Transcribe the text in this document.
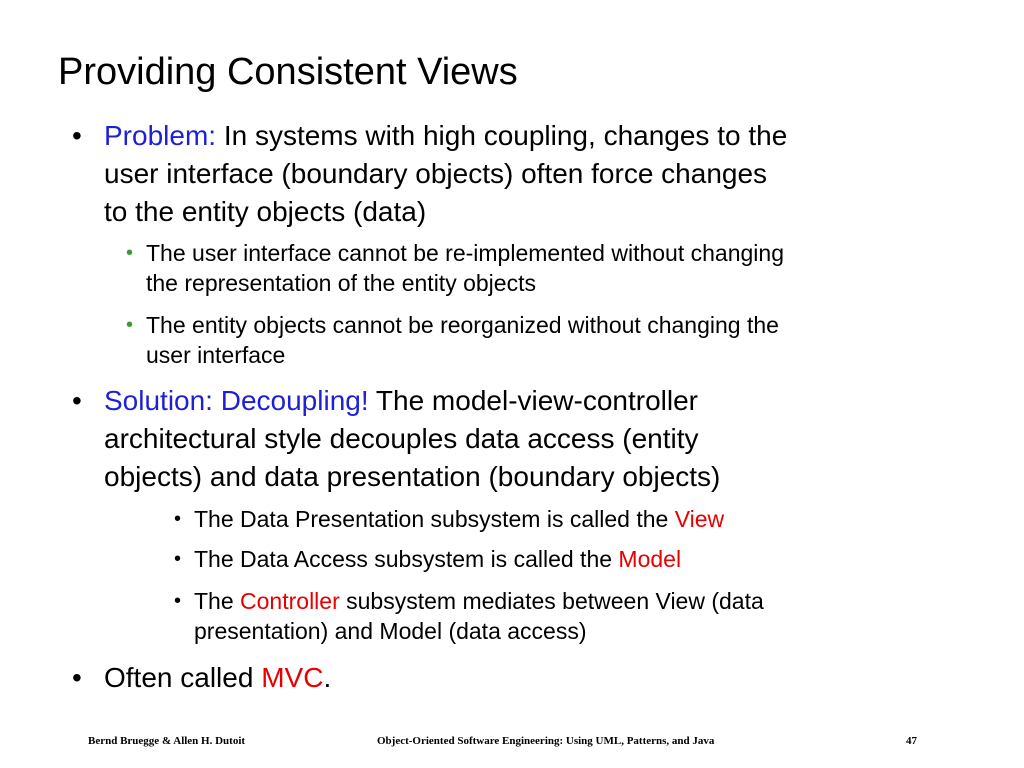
Providing Consistent Views
• Problem: In systems with high coupling, changes to the
user interface (boundary objects) often force changes
to the entity objects (data)
• The user interface cannot be re-implemented without changing
the representation of the entity objects
• The entity objects cannot be reorganized without changing the
user interface
• Solution: Decoupling! The model-view-controller
architectural style decouples data access (entity
objects) and data presentation (boundary objects)
• The Data Presentation subsystem is called the View
• The Data Access subsystem is called the Model
• The Controller subsystem mediates between View (data
presentation) and Model (data access)
• Often called MVC.
Bernd Bruegge & Allen H. Dutoit	Object-Oriented Software Engineering: Using UML, Patterns, and Java	47
